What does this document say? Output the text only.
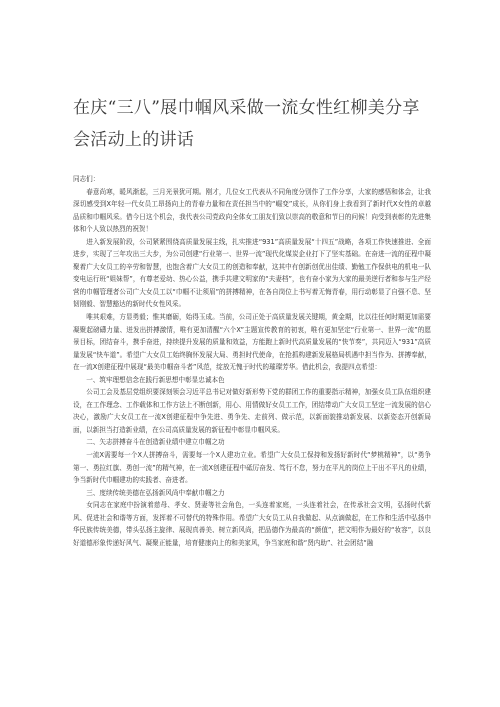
在庆“三八”展巾帼风采做一流女性红柳美分享会活动上的讲话

同志们：

春意尚寒，暖风渐起，三月光景犹可期。刚才，几位女工代表从不同角度分别作了工作分享，大家的感悟和体会，让我深切感受到X年轻一代女员工昂扬向上的青春力量和在责任担当中的“崛变”成长，从你们身上我看到了新时代X女性的卓越品质和巾帼风采。借今日这个机会，我代表公司党政向全体女工朋友们致以崇高的敬意和节日的问候！向受到表彰的先进集体和个人致以热烈的祝贺！

进入新发展阶段，公司紧紧围绕高质量发展主线，扎实推进“931”高质量发展“十四五”战略，各项工作快速推进、全面进步，实现了三年攻出三大步，为公司创建“行业第一、世界一流”现代化煤炭企业打下了坚实基础。在奋进一流的征程中凝聚着广大女员工的辛劳和智慧，也饱含着广大女员工的创造和奉献，这其中有创新创优出佳绩、勤勉工作保供电的机电一队变电运行班“姐妹帮”，有尊老爱幼、热心公益，携手共建文明家的“夫妻档”，也有奋小家为大家的最美逆行者和参与生产经营的巾帼管理者公司广大女员工以“巾帼不让须眉”的拼搏精神，在各自岗位上书写着无悔青春，用行动彰显了自强不息、坚韧刚毅、智慧豁达的新时代女性风采。

唯其艰难，方显勇毅；惟其磨砺，始得玉成。当前，公司正处于高质量发展关键期，黄金期，比以往任何时期更加需要凝聚起磅礴力量、迸发出拼搏激情，唯有更加清醒“六个X”主题宣传教育的初衷，唯有更加坚定“行业第一、世界一流”的愿景目标，团结奋斗，携手奋进，持续提升发展的质量和效益，方能跑上新时代高质量发展的“快节奏”，共同迈入“931”高质量发展“快车道”。希望广大女员工始终胸怀发展大局、勇担时代使命，在抢抓构建新发展格局机遇中担当作为、拼搏奉献，在一流X创建征程中展现“最美巾帼奋斗者”风范，绽放无愧于时代的璀璨芳华。借此机会，我提四点希望：

一、筑牢理想信念在践行新思想中彰显忠诚本色

公司工会及基层党组织要深刻领会习近平总书记对做好新形势下党的群团工作的重要指示精神，加强女员工队伍组织建设，在工作理念、工作载体和工作方法上不断创新，用心、用情做好女员工工作，团结带动广大女员工坚定一流发展的信心决心，激励广大女员工在一流X创建征程中争先进、勇争先、走前列、做示范，以新面貌推动新发展、以新姿态开创新局面，以新担当打造新业绩，在公司高质量发展的新征程中彰显巾帼风采。

二、矢志拼搏奋斗在创造新业绩中建立巾帼之功

一流X需要每一个X人拼搏奋斗，需要每一个X人建功立业。希望广大女员工保持和发扬好新时代“梦桃精神”，以“勇争第一、勇拉红旗、勇创一流”的精气神，在一流X创建征程中砥厉奋发、笃行不怠，努力在平凡的岗位上干出不平凡的业绩，争当新时代巾帼建功的实践者、奋进者。

三、度续传统美德在弘扬新风尚中奉献巾帼之力

女同志在家庭中扮演着慈母、孝女、贤妻等社会角色，一头连着家庭，一头连着社会，在传承社会文明，弘扬时代新风、促进社会和谐等方面，发挥着不可替代的特殊作用。希望广大女员工从自我做起、从点滴做起，在工作和生活中弘扬中华民族传统美德，带头弘扬主旋律、展现真善美、树立新风尚，把品德作为最高的“颜值”，把文明作为最好的“妆容”，以良好道德形象传递好风气、凝聚正能量，培育健康向上的和美家风，争当家庭和谐“贤内助”、社会团结“融
